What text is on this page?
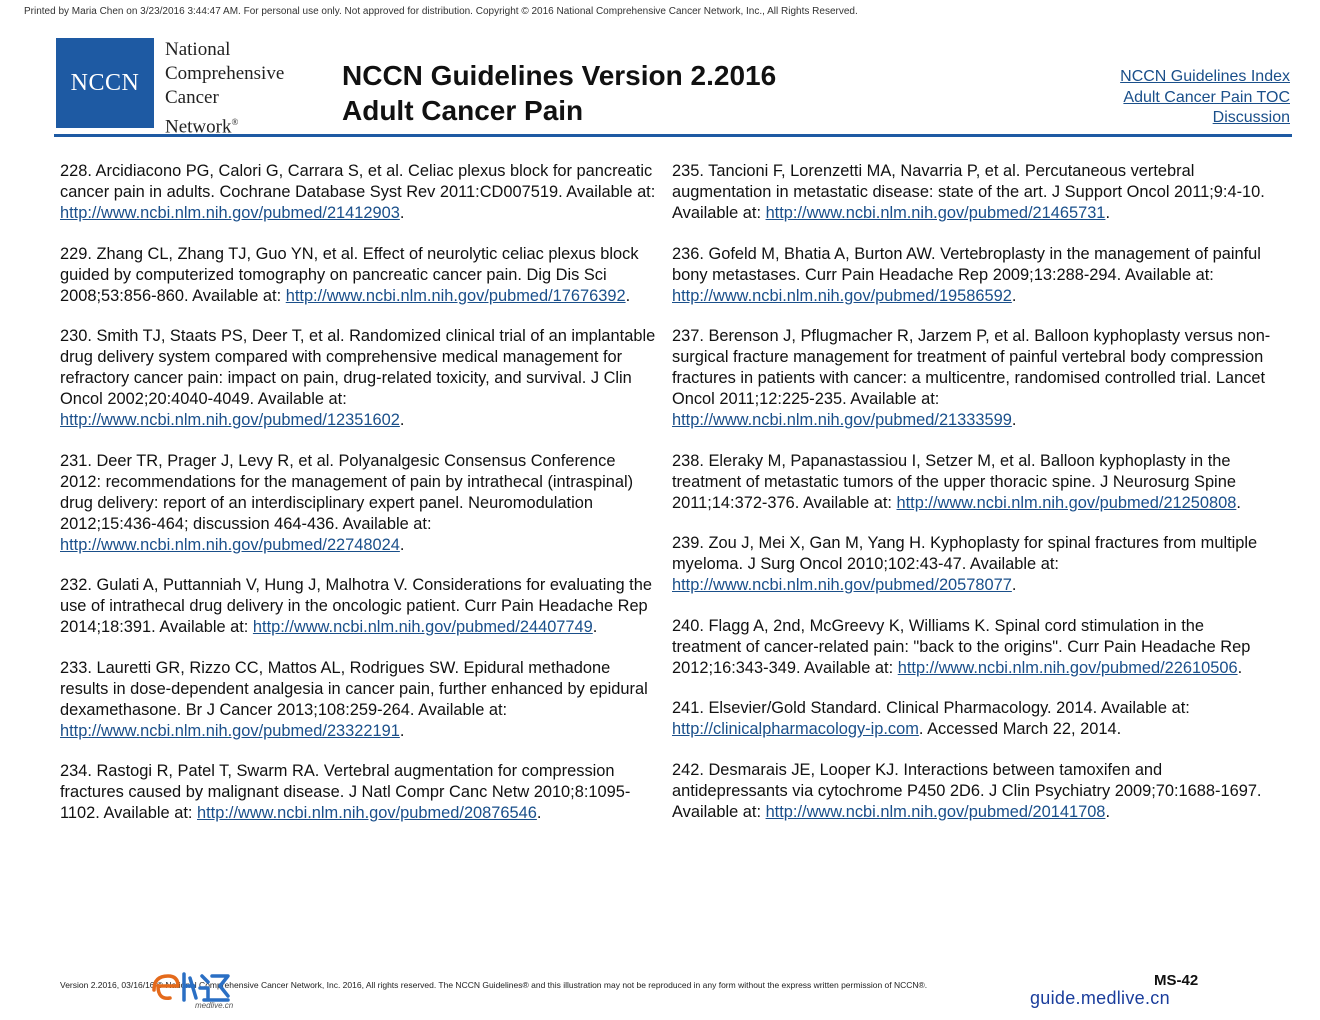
Printed by Maria Chen on 3/23/2016 3:44:47 AM. For personal use only. Not approved for distribution. Copyright © 2016 National Comprehensive Cancer Network, Inc., All Rights Reserved.
NCCN
National
Comprehensive
Cancer
Network®
NCCN Guidelines Version 2.2016
Adult Cancer Pain
NCCN Guidelines Index
Adult Cancer Pain TOC
Discussion

228. Arcidiacono PG, Calori G, Carrara S, et al. Celiac plexus block for pancreatic cancer pain in adults. Cochrane Database Syst Rev 2011:CD007519. Available at: http://www.ncbi.nlm.nih.gov/pubmed/21412903.

229. Zhang CL, Zhang TJ, Guo YN, et al. Effect of neurolytic celiac plexus block guided by computerized tomography on pancreatic cancer pain. Dig Dis Sci 2008;53:856-860. Available at: http://www.ncbi.nlm.nih.gov/pubmed/17676392.

230. Smith TJ, Staats PS, Deer T, et al. Randomized clinical trial of an implantable drug delivery system compared with comprehensive medical management for refractory cancer pain: impact on pain, drug-related toxicity, and survival. J Clin Oncol 2002;20:4040-4049. Available at: http://www.ncbi.nlm.nih.gov/pubmed/12351602.

231. Deer TR, Prager J, Levy R, et al. Polyanalgesic Consensus Conference 2012: recommendations for the management of pain by intrathecal (intraspinal) drug delivery: report of an interdisciplinary expert panel. Neuromodulation 2012;15:436-464; discussion 464-436. Available at: http://www.ncbi.nlm.nih.gov/pubmed/22748024.

232. Gulati A, Puttanniah V, Hung J, Malhotra V. Considerations for evaluating the use of intrathecal drug delivery in the oncologic patient. Curr Pain Headache Rep 2014;18:391. Available at: http://www.ncbi.nlm.nih.gov/pubmed/24407749.

233. Lauretti GR, Rizzo CC, Mattos AL, Rodrigues SW. Epidural methadone results in dose-dependent analgesia in cancer pain, further enhanced by epidural dexamethasone. Br J Cancer 2013;108:259-264. Available at: http://www.ncbi.nlm.nih.gov/pubmed/23322191.

234. Rastogi R, Patel T, Swarm RA. Vertebral augmentation for compression fractures caused by malignant disease. J Natl Compr Canc Netw 2010;8:1095-1102. Available at: http://www.ncbi.nlm.nih.gov/pubmed/20876546.

235. Tancioni F, Lorenzetti MA, Navarria P, et al. Percutaneous vertebral augmentation in metastatic disease: state of the art. J Support Oncol 2011;9:4-10. Available at: http://www.ncbi.nlm.nih.gov/pubmed/21465731.

236. Gofeld M, Bhatia A, Burton AW. Vertebroplasty in the management of painful bony metastases. Curr Pain Headache Rep 2009;13:288-294. Available at: http://www.ncbi.nlm.nih.gov/pubmed/19586592.

237. Berenson J, Pflugmacher R, Jarzem P, et al. Balloon kyphoplasty versus non-surgical fracture management for treatment of painful vertebral body compression fractures in patients with cancer: a multicentre, randomised controlled trial. Lancet Oncol 2011;12:225-235. Available at: http://www.ncbi.nlm.nih.gov/pubmed/21333599.

238. Eleraky M, Papanastassiou I, Setzer M, et al. Balloon kyphoplasty in the treatment of metastatic tumors of the upper thoracic spine. J Neurosurg Spine 2011;14:372-376. Available at: http://www.ncbi.nlm.nih.gov/pubmed/21250808.

239. Zou J, Mei X, Gan M, Yang H. Kyphoplasty for spinal fractures from multiple myeloma. J Surg Oncol 2010;102:43-47. Available at: http://www.ncbi.nlm.nih.gov/pubmed/20578077.

240. Flagg A, 2nd, McGreevy K, Williams K. Spinal cord stimulation in the treatment of cancer-related pain: "back to the origins". Curr Pain Headache Rep 2012;16:343-349. Available at: http://www.ncbi.nlm.nih.gov/pubmed/22610506.

241. Elsevier/Gold Standard. Clinical Pharmacology. 2014. Available at: http://clinicalpharmacology-ip.com. Accessed March 22, 2014.

242. Desmarais JE, Looper KJ. Interactions between tamoxifen and antidepressants via cytochrome P450 2D6. J Clin Psychiatry 2009;70:1688-1697. Available at: http://www.ncbi.nlm.nih.gov/pubmed/20141708.

Version 2.2016, 03/16/16 © National Comprehensive Cancer Network, Inc. 2016, All rights reserved. The NCCN Guidelines® and this illustration may not be reproduced in any form without the express written permission of NCCN®.	MS-42
medlive.cn	guide.medlive.cn
